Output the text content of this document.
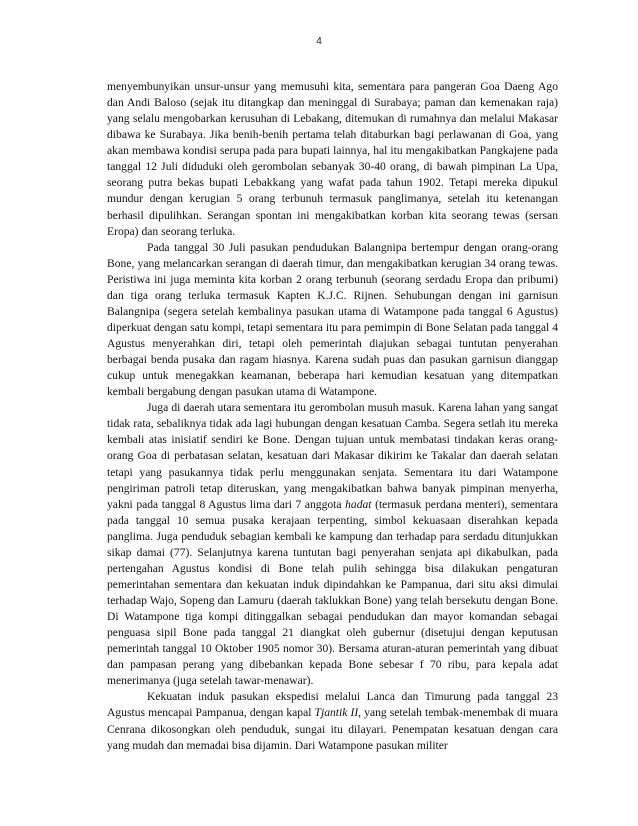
4

menyembunyikan unsur-unsur yang memusuhi kita, sementara para pangeran Goa Daeng Ago dan Andi Baloso (sejak itu ditangkap dan meninggal di Surabaya; paman dan kemenakan raja) yang selalu mengobarkan kerusuhan di Lebakang, ditemukan di rumahnya dan melalui Makasar dibawa ke Surabaya. Jika benih-benih pertama telah ditaburkan bagi perlawanan di Goa, yang akan membawa kondisi serupa pada para bupati lainnya, hal itu mengakibatkan Pangkajene pada tanggal 12 Juli diduduki oleh gerombolan sebanyak 30-40 orang, di bawah pimpinan La Upa, seorang putra bekas bupati Lebakkang yang wafat pada tahun 1902. Tetapi mereka dipukul mundur dengan kerugian 5 orang terbunuh termasuk panglimanya, setelah itu ketenangan berhasil dipulihkan. Serangan spontan ini mengakibatkan korban kita seorang tewas (sersan Eropa) dan seorang terluka.

Pada tanggal 30 Juli pasukan pendudukan Balangnipa bertempur dengan orang-orang Bone, yang melancarkan serangan di daerah timur, dan mengakibatkan kerugian 34 orang tewas. Peristiwa ini juga meminta kita korban 2 orang terbunuh (seorang serdadu Eropa dan pribumi) dan tiga orang terluka termasuk Kapten K.J.C. Rijnen. Sehubungan dengan ini garnisun Balangnipa (segera setelah kembalinya pasukan utama di Watampone pada tanggal 6 Agustus) diperkuat dengan satu kompi, tetapi sementara itu para pemimpin di Bone Selatan pada tanggal 4 Agustus menyerahkan diri, tetapi oleh pemerintah diajukan sebagai tuntutan penyerahan berbagai benda pusaka dan ragam hiasnya. Karena sudah puas dan pasukan garnisun dianggap cukup untuk menegakkan keamanan, beberapa hari kemudian kesatuan yang ditempatkan kembali bergabung dengan pasukan utama di Watampone.

Juga di daerah utara sementara itu gerombolan musuh masuk. Karena lahan yang sangat tidak rata, sebaliknya tidak ada lagi hubungan dengan kesatuan Camba. Segera setlah itu mereka kembali atas inisiatif sendiri ke Bone. Dengan tujuan untuk membatasi tindakan keras orang-orang Goa di perbatasan selatan, kesatuan dari Makasar dikirim ke Takalar dan daerah selatan tetapi yang pasukannya tidak perlu menggunakan senjata. Sementara itu dari Watampone pengiriman patroli tetap diteruskan, yang mengakibatkan bahwa banyak pimpinan menyerha, yakni pada tanggal 8 Agustus lima dari 7 anggota hadat (termasuk perdana menteri), sementara pada tanggal 10 semua pusaka kerajaan terpenting, simbol kekuasaan diserahkan kepada panglima. Juga penduduk sebagian kembali ke kampung dan terhadap para serdadu ditunjukkan sikap damai (77). Selanjutnya karena tuntutan bagi penyerahan senjata api dikabulkan, pada pertengahan Agustus kondisi di Bone telah pulih sehingga bisa dilakukan pengaturan pemerintahan sementara dan kekuatan induk dipindahkan ke Pampanua, dari situ aksi dimulai terhadap Wajo, Sopeng dan Lamuru (daerah taklukkan Bone) yang telah bersekutu dengan Bone. Di Watampone tiga kompi ditinggalkan sebagai pendudukan dan mayor komandan sebagai penguasa sipil Bone pada tanggal 21 diangkat oleh gubernur (disetujui dengan keputusan pemerintah tanggal 10 Oktober 1905 nomor 30). Bersama aturan-aturan pemerintah yang dibuat dan pampasan perang yang dibebankan kepada Bone sebesar f 70 ribu, para kepala adat menerimanya (juga setelah tawar-menawar).

Kekuatan induk pasukan ekspedisi melalui Lanca dan Timurung pada tanggal 23 Agustus mencapai Pampanua, dengan kapal Tjantik II, yang setelah tembak-menembak di muara Cenrana dikosongkan oleh penduduk, sungai itu dilayari. Penempatan kesatuan dengan cara yang mudah dan memadai bisa dijamin. Dari Watampone pasukan militer
